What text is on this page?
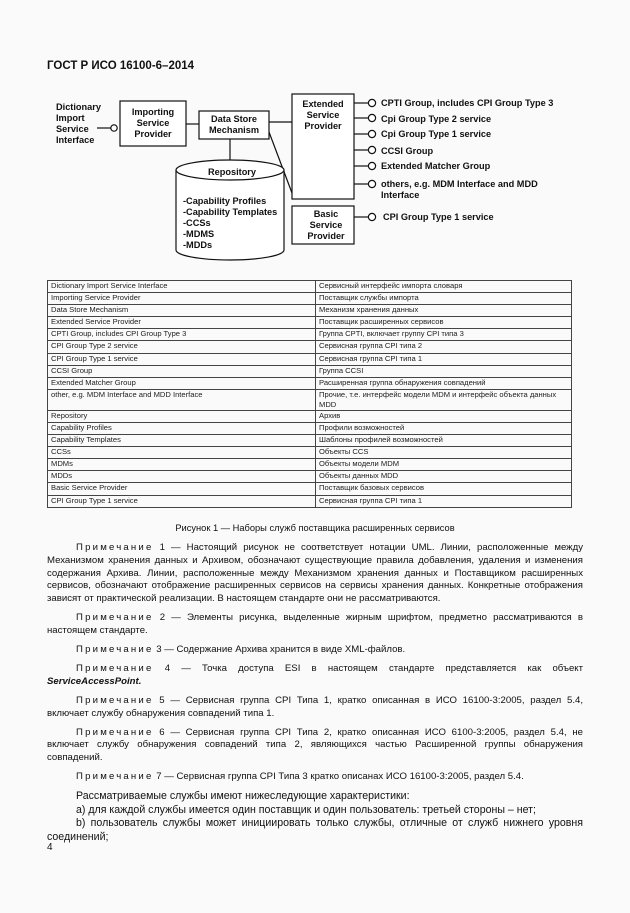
ГОСТ Р ИСО 16100-6–2014
Dictionary
Import
Service
Interface
Importing
Service
Provider
Data Store
Mechanism
Repository
-Capability Profiles
-Capability Templates
-CCSs
-MDMS
-MDDs
Extended
Service
Provider
Basic
Service
Provider
CPTI Group, includes CPI Group Type 3
Cpi Group Type 2 service
Cpi Group Type 1 service
CCSI Group
Extended Matcher Group
others, e.g. MDM Interface and MDD
Interface
CPI Group Type 1 service
Dictionary Import Service Interface	Сервисный интерфейс импорта словаря
Importing Service Provider	Поставщик службы импорта
Data Store Mechanism	Механизм хранения данных
Extended Service Provider	Поставщик расширенных сервисов
CPTI Group, includes CPI Group Type 3	Группа CPTI, включает группу CPI типа 3
CPI Group Type 2 service	Сервисная группа CPI типа 2
CPI Group Type 1 service	Сервисная группа CPI типа 1
CCSI Group	Группа CCSI
Extended Matcher Group	Расширенная группа обнаружения совпадений
other, e.g. MDM Interface and MDD Interface	Прочие, т.е. интерфейс модели MDM и интерфейс объекта данных MDD
Repository	Архив
Capability Profiles	Профили возможностей
Capability Templates	Шаблоны профилей возможностей
CCSs	Объекты CCS
MDMs	Объекты модели MDM
MDDs	Объекты данных MDD
Basic Service Provider	Поставщик базовых сервисов
CPI Group Type 1 service	Сервисная группа CPI типа 1
Рисунок 1 — Наборы служб поставщика расширенных сервисов

Примечание 1 — Настоящий рисунок не соответствует нотации UML. Линии, расположенные между Механизмом хранения данных и Архивом, обозначают существующие правила добавления, удаления и изменения содержания Архива. Линии, расположенные между Механизмом хранения данных и Поставщиком расширенных сервисов, обозначают отображение расширенных сервисов на сервисы хранения данных. Конкретные отображения зависят от практической реализации. В настоящем стандарте они не рассматриваются.

Примечание 2 — Элементы рисунка, выделенные жирным шрифтом, предметно рассматриваются в настоящем стандарте.

Примечание 3 — Содержание Архива хранится в виде XML-файлов.

Примечание 4 — Точка доступа ESI в настоящем стандарте представляется как объект ServiceAccessPoint.

Примечание 5 — Сервисная группа CPI Типа 1, кратко описанная в ИСО 16100-3:2005, раздел 5.4, включает службу обнаружения совпадений типа 1.

Примечание 6 — Сервисная группа CPI Типа 2, кратко описанная ИСО 6100-3:2005, раздел 5.4, не включает службу обнаружения совпадений типа 2, являющихся частью Расширенной группы обнаружения совпадений.

Примечание 7 — Сервисная группа CPI Типа 3 кратко описанах ИСО 16100-3:2005, раздел 5.4.

Рассматриваемые службы имеют нижеследующие характеристики:

а) для каждой службы имеется один поставщик и один пользователь: третьей стороны – нет;

b) пользователь службы может инициировать только службы, отличные от служб нижнего уровня соединений;

4
